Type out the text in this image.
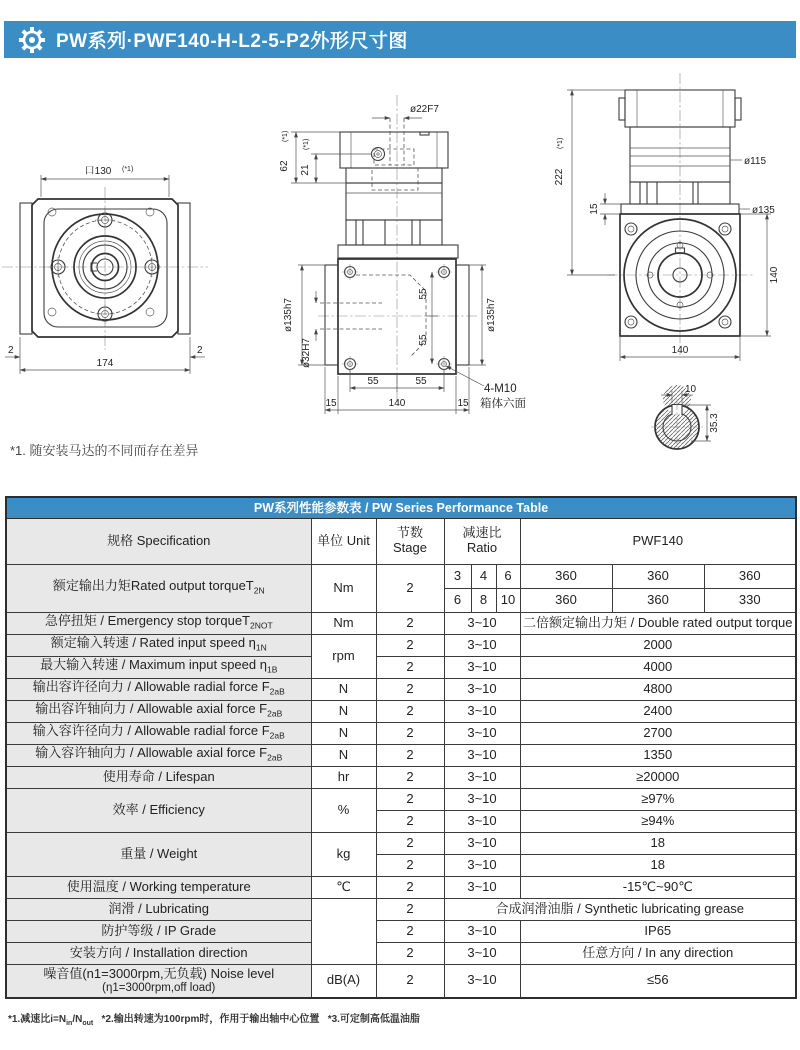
PW系列·PWF140-H-L2-5-P2外形尺寸图
口130 (*1)
174
2	2
ø22F7
62
(*1)
21
(*1)
ø135h7	ø135h7
ø32H7
55
55
55	55
15	140	15
4-M10
箱体六面
222
(*1)
15
ø115
ø135
140
140
10
35.3
*1. 随安装马达的不同而存在差异
PW系列性能参数表 / PW Series Performance Table								
规格 Specification	单位 Unit	节数 Stage	减速比 Ratio			PWF140		
额定输出力矩Rated output torqueT$_{2N}$	Nm	2	3	4	6	360	360	360
			6	8	10	360	360	330
急停扭矩 / Emergency stop torqueT$_{2NOT}$	Nm	2	3~10			二倍额定输出力矩 / Double rated output torque		
额定输入转速 / Rated input speed $\eta_{1N}$	rpm	2	3~10			2000		
最大输入转速 / Maximum input speed $\eta_{1B}$		2	3~10			4000		
输出容许径向力 / Allowable radial force $F_{2aB}$	N	2	3~10			4800		
输出容许轴向力 / Allowable axial force $F_{2aB}$	N	2	3~10			2400		
输入容许径向力 / Allowable radial force $F_{2aB}$	N	2	3~10			2700		
输入容许轴向力 / Allowable axial force $F_{2aB}$	N	2	3~10			1350		
使用寿命 / Lifespan	hr	2	3~10			≥20000		
效率 / Efficiency	%	2	3~10			≥97%		
		2	3~10			≥94%		
重量 / Weight	kg	2	3~10			18		
		2	3~10			18		
使用温度 / Working temperature	℃	2	3~10			-15℃~90℃		
润滑 / Lubricating		2	合成润滑油脂 / Synthetic lubricating grease					
防护等级 / IP Grade		2	3~10			IP65		
安装方向 / Installation direction		2	3~10			任意方向 / In any direction		

噪音值(n1=3000rpm,无负载) Noise level
(η1=3000rpm,off load)	dB(A)	2	3~10			≤56		
*1.减速比$i=N_{in}/N_{out}$ *2.输出转速为100rpm时，作用于输出轴中心位置 *3.可定制高低温油脂
